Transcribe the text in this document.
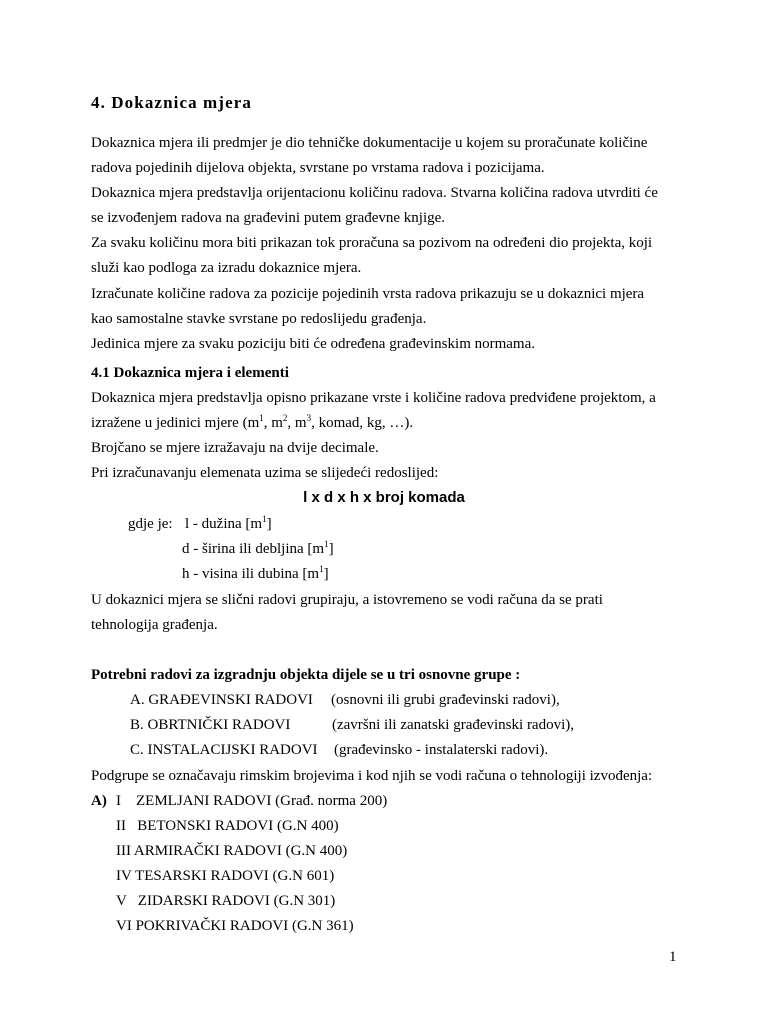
4. Dokaznica mjera
Dokaznica mjera ili predmjer je dio tehničke dokumentacije u kojem su proračunate količine
radova pojedinih dijelova objekta, svrstane po vrstama radova i pozicijama.
Dokaznica mjera predstavlja orijentacionu količinu radova. Stvarna količina radova utvrditi će
se izvođenjem radova na građevini putem građevne knjige.
Za svaku količinu mora biti prikazan tok proračuna sa pozivom na određeni dio projekta, koji
služi kao podloga za izradu dokaznice mjera.
Izračunate količine radova za pozicije pojedinih vrsta radova prikazuju se u dokaznici mjera
kao samostalne stavke svrstane po redoslijedu građenja.
Jedinica mjere za svaku poziciju biti će određena građevinskim normama.
4.1 Dokaznica mjera i elementi
Dokaznica mjera predstavlja opisno prikazane vrste i količine radova predviđene projektom, a
izražene u jedinici mjere ($m^1$, $m^2$, $m^3$, komad, kg, …).
Brojčano se mjere izražavaju na dvije decimale.
Pri izračunavanju elemenata uzima se slijedeći redoslijed:
l x d x h x broj komada
gdje je: l - dužina $[m^1]$
d - širina ili debljina $[m^1]$
h - visina ili dubina $[m^1]$
U dokaznici mjera se slični radovi grupiraju, a istovremeno se vodi računa da se prati
tehnologija građenja.
Potrebni radovi za izgradnju objekta dijele se u tri osnovne grupe :
A. GRAĐEVINSKI RADOVI (osnovni ili grubi građevinski radovi),
B. OBRTNIČKI RADOVI	(završni ili zanatski građevinski radovi),
C. INSTALACIJSKI RADOVI (građevinsko - instalaterski radovi).
Podgrupe se označavaju rimskim brojevima i kod njih se vodi računa o tehnologiji izvođenja:
A) I    ZEMLJANI RADOVI (Građ. norma 200)
II   BETONSKI RADOVI (G.N 400)
III ARMIRAČKI RADOVI (G.N 400)
IV TESARSKI RADOVI (G.N 601)
V   ZIDARSKI RADOVI (G.N 301)
VI POKRIVAČKI RADOVI (G.N 361)
1
